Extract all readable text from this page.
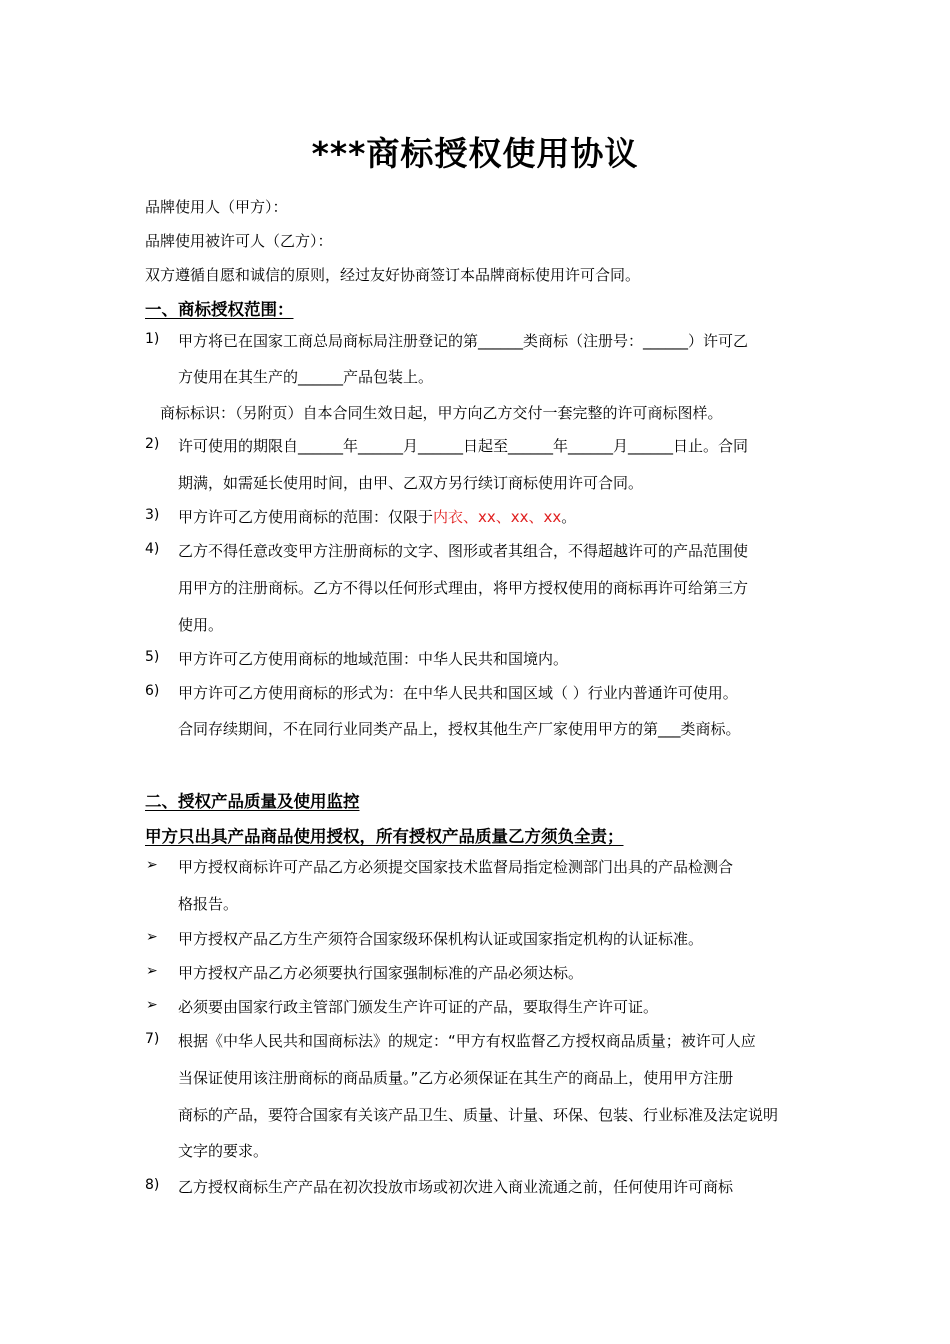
***商标授权使用协议
品牌使用人（甲方）：
品牌使用被许可人（乙方）：
双方遵循自愿和诚信的原则，经过友好协商签订本品牌商标使用许可合同。
一、商标授权范围：
1) 甲方将已在国家工商总局商标局注册登记的第______类商标（注册号：______）许可乙
方使用在其生产的______产品包装上。
商标标识：（另附页）自本合同生效日起，甲方向乙方交付一套完整的许可商标图样。
2) 许可使用的期限自______年______月______日起至______年______月______日止。合同
期满，如需延长使用时间，由甲、乙双方另行续订商标使用许可合同。
3) 甲方许可乙方使用商标的范围：仅限于内衣、xx、xx、xx。
4) 乙方不得任意改变甲方注册商标的文字、图形或者其组合，不得超越许可的产品范围使
用甲方的注册商标。乙方不得以任何形式理由，将甲方授权使用的商标再许可给第三方
使用。
5) 甲方许可乙方使用商标的地域范围：中华人民共和国境内。
6) 甲方许可乙方使用商标的形式为：在中华人民共和国区域（ ）行业内普通许可使用。
合同存续期间，不在同行业同类产品上，授权其他生产厂家使用甲方的第___类商标。
二、授权产品质量及使用监控
甲方只出具产品商品使用授权，所有授权产品质量乙方须负全责；
➢ 甲方授权商标许可产品乙方必须提交国家技术监督局指定检测部门出具的产品检测合
格报告。
➢ 甲方授权产品乙方生产须符合国家级环保机构认证或国家指定机构的认证标准。
➢ 甲方授权产品乙方必须要执行国家强制标准的产品必须达标。
➢ 必须要由国家行政主管部门颁发生产许可证的产品，要取得生产许可证。
7) 根据《中华人民共和国商标法》的规定：“甲方有权监督乙方授权商品质量；被许可人应
当保证使用该注册商标的商品质量。”乙方必须保证在其生产的商品上，使用甲方注册
商标的产品，要符合国家有关该产品卫生、质量、计量、环保、包装、行业标准及法定说明
文字的要求。
8) 乙方授权商标生产产品在初次投放市场或初次进入商业流通之前，任何使用许可商标
